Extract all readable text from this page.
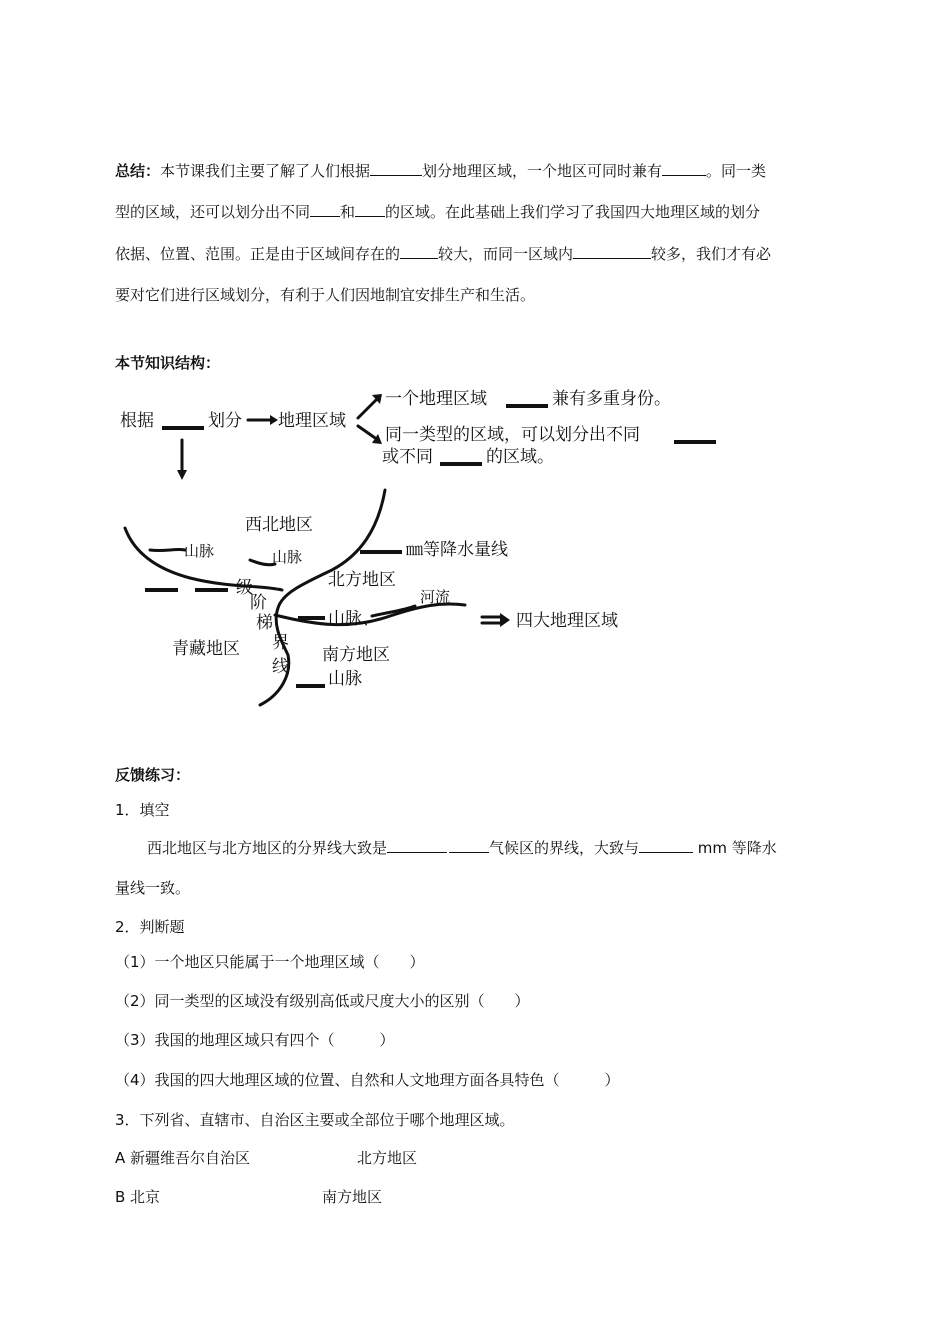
总结：本节课我们主要了解了人们根据	划分地理区域，一个地区可同时兼有	。同一类
型的区域，还可以划分出不同 和 的区域。在此基础上我们学习了我国四大地理区域的划分
依据、位置、范围。正是由于区域间存在的	较大，而同一区域内	较多，我们才有必
要对它们进行区域划分，有利于人们因地制宜安排生产和生活。
本节知识结构：
根据	划分 地理区域
一个地理区域	兼有多重身份。
同一类型的区域，可以划分出不同
或不同	的区域。
西北地区
山脉	山脉	㎜等降水量线
北方地区
级
阶
梯
界
线
山脉、
河流
四大地理区域
青藏地区	南方地区
山脉
反馈练习：
1．填空
西北地区与北方地区的分界线大致是	气候区的界线，大致与	mm 等降水
量线一致。
2．判断题
（1）一个地区只能属于一个地理区域（　　）
（2）同一类型的区域没有级别高低或尺度大小的区别（　　）
（3）我国的地理区域只有四个（　　　）
（4）我国的四大地理区域的位置、自然和人文地理方面各具特色（　　　）
3．下列省、直辖市、自治区主要或全部位于哪个地理区域。
A 新疆维吾尔自治区	北方地区
B 北京	南方地区
